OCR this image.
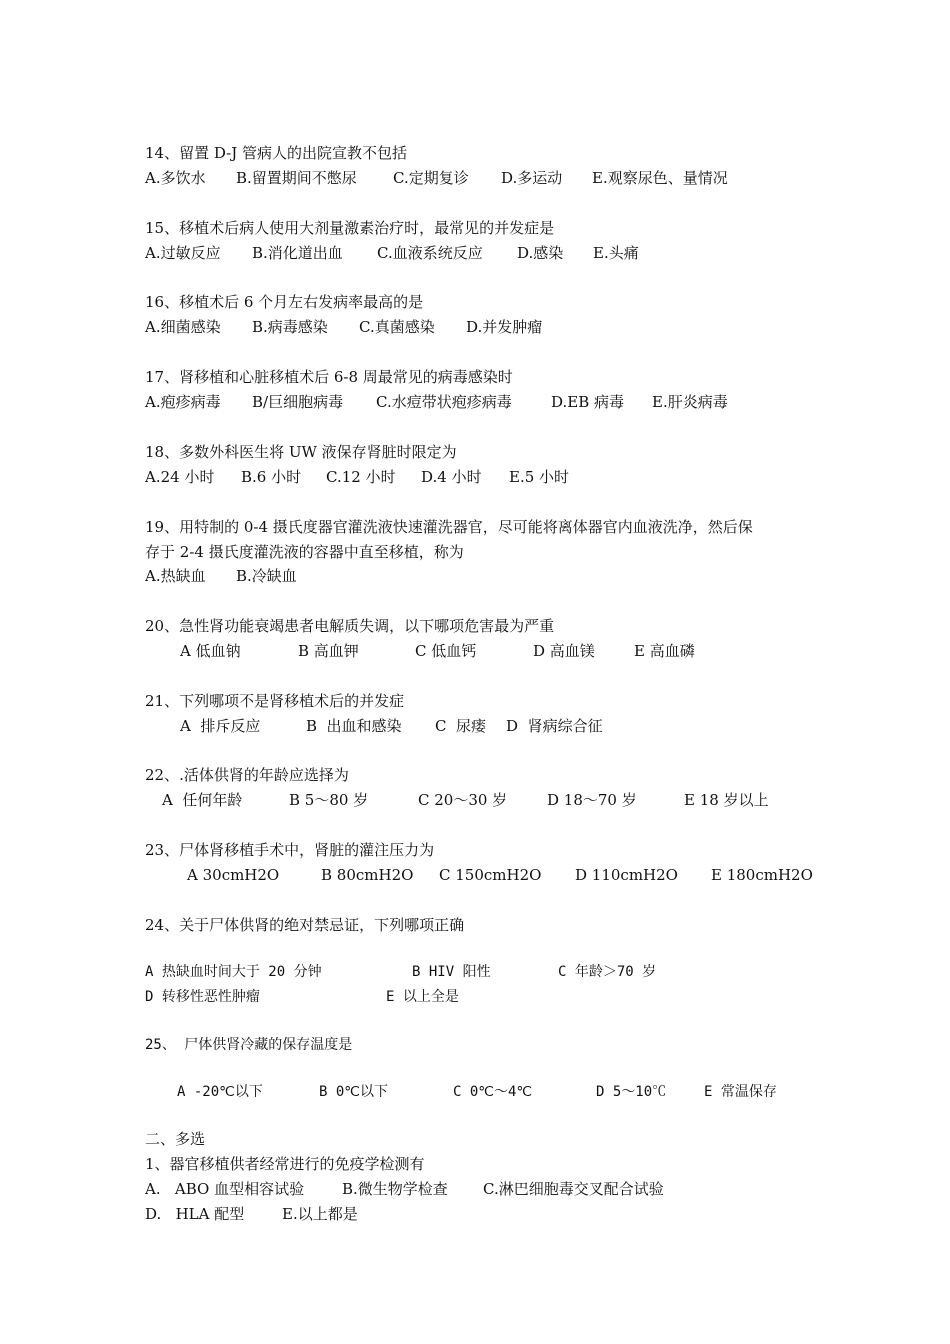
14、留置 D-J 管病人的出院宣教不包括
A.多饮水	B.留置期间不憋尿	C.定期复诊	D.多运动	E.观察尿色、量情况
15、移植术后病人使用大剂量激素治疗时，最常见的并发症是
A.过敏反应	B.消化道出血	C.血液系统反应	D.感染	E.头痛
16、移植术后 6 个月左右发病率最高的是
A.细菌感染	B.病毒感染	C.真菌感染	D.并发肿瘤
17、肾移植和心脏移植术后 6-8 周最常见的病毒感染时
A.疱疹病毒	B/巨细胞病毒	C.水痘带状疱疹病毒	D.EB 病毒	E.肝炎病毒
18、多数外科医生将 UW 液保存肾脏时限定为
A.24 小时	B.6 小时	C.12 小时	D.4 小时	E.5 小时
19、用特制的 0-4 摄氏度器官灌洗液快速灌洗器官，尽可能将离体器官内血液洗净，然后保
存于 2-4 摄氏度灌洗液的容器中直至移植，称为
A.热缺血	B.冷缺血
20、急性肾功能衰竭患者电解质失调，以下哪项危害最为严重
A 低血钠	B 高血钾	C 低血钙	D 高血镁	E 高血磷
21、下列哪项不是肾移植术后的并发症
A  排斥反应	B  出血和感染	C  尿瘘	D  肾病综合征
22、.活体供肾的年龄应选择为
A  任何年龄	B 5～80 岁	C 20～30 岁	D 18～70 岁	E 18 岁以上
23、尸体肾移植手术中，肾脏的灌注压力为
A 30cmH2O	B 80cmH2O	C 150cmH2O	D 110cmH2O	E 180cmH2O
24、关于尸体供肾的绝对禁忌证，下列哪项正确
A 热缺血时间大于 20 分钟	B HIV 阳性	C 年龄＞70 岁
D 转移性恶性肿瘤	E 以上全是
25、 尸体供肾冷藏的保存温度是
A -20℃以下	B 0℃以下	C 0℃～4℃	D 5～10℃	E 常温保存
二、多选
1、器官移植供者经常进行的免疫学检测有
A.   ABO 血型相容试验	B.微生物学检查	C.淋巴细胞毒交叉配合试验
D.   HLA 配型	E.以上都是
